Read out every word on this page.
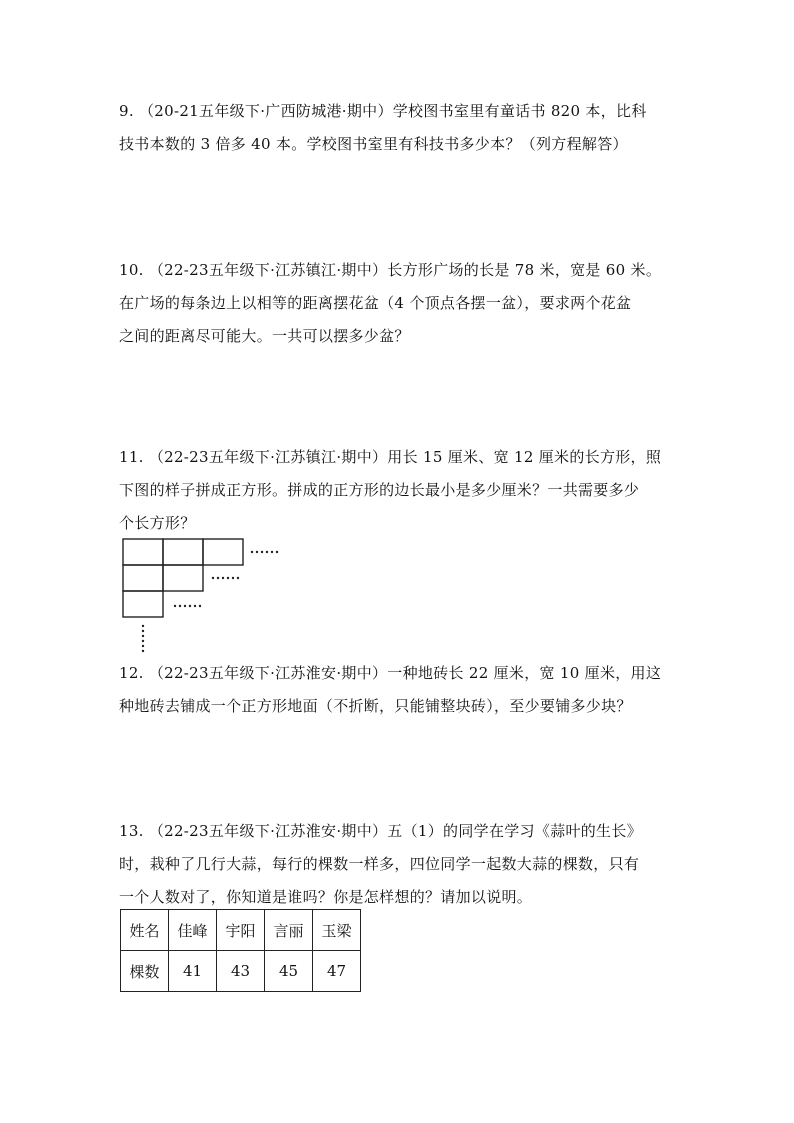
9. （20-21五年级下·广西防城港·期中）学校图书室里有童话书 820 本，比科

技书本数的 3 倍多 40 本。学校图书室里有科技书多少本？（列方程解答）

10. （22-23五年级下·江苏镇江·期中）长方形广场的长是 78 米，宽是 60 米。

在广场的每条边上以相等的距离摆花盆（4 个顶点各摆一盆），要求两个花盆

之间的距离尽可能大。一共可以摆多少盆？

11. （22-23五年级下·江苏镇江·期中）用长 15 厘米、宽 12 厘米的长方形，照

下图的样子拼成正方形。拼成的正方形的边长最小是多少厘米？一共需要多少

个长方形？

12. （22-23五年级下·江苏淮安·期中）一种地砖长 22 厘米，宽 10 厘米，用这

种地砖去铺成一个正方形地面（不折断，只能铺整块砖），至少要铺多少块？

13. （22-23五年级下·江苏淮安·期中）五（1）的同学在学习《蒜叶的生长》

时，栽种了几行大蒜，每行的棵数一样多，四位同学一起数大蒜的棵数，只有

一个人数对了，你知道是谁吗？你是怎样想的？请加以说明。

姓名	佳峰	宇阳	言丽	玉梁
棵数	41	43	45	47
